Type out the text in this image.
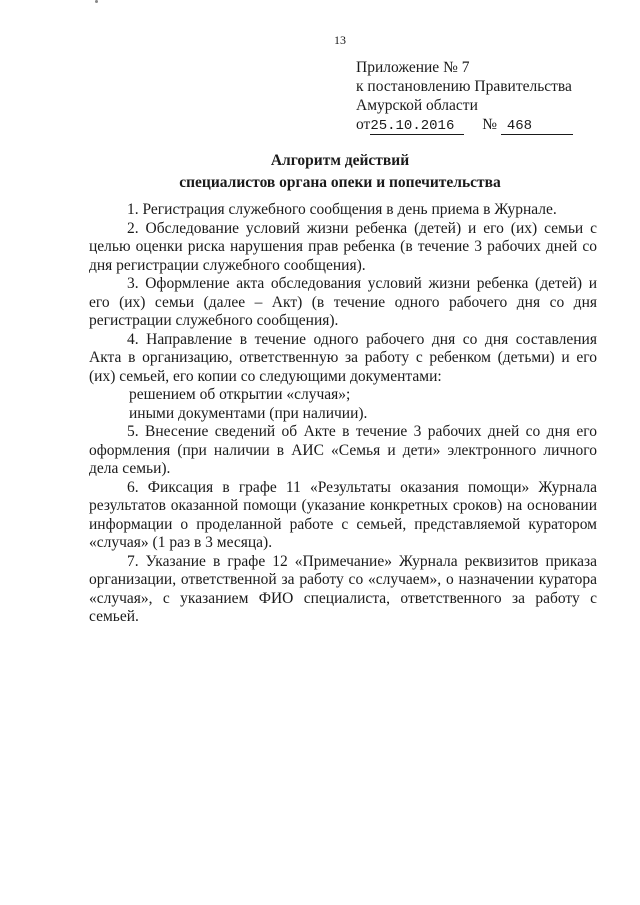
13
Приложение № 7
к постановлению Правительства
Амурской области
от25.10.2016 № 468
Алгоритм действий
специалистов органа опеки и попечительства

1. Регистрация служебного сообщения в день приема в Журнале.

2. Обследование условий жизни ребенка (детей) и его (их) семьи с целью оценки риска нарушения прав ребенка (в течение 3 рабочих дней со дня регистрации служебного сообщения).

3. Оформление акта обследования условий жизни ребенка (детей) и его (их) семьи (далее – Акт) (в течение одного рабочего дня со дня регистрации служебного сообщения).

4. Направление в течение одного рабочего дня со дня составления Акта в организацию, ответственную за работу с ребенком (детьми) и его (их) семьей, его копии со следующими документами:

решением об открытии «случая»;

иными документами (при наличии).

5. Внесение сведений об Акте в течение 3 рабочих дней со дня его оформления (при наличии в АИС «Семья и дети» электронного личного дела семьи).

6. Фиксация в графе 11 «Результаты оказания помощи» Журнала результатов оказанной помощи (указание конкретных сроков) на основании информации о проделанной работе с семьей, представляемой куратором «случая» (1 раз в 3 месяца).

7. Указание в графе 12 «Примечание» Журнала реквизитов приказа организации, ответственной за работу со «случаем», о назначении куратора «случая», с указанием ФИО специалиста, ответственного за работу с семьей.
